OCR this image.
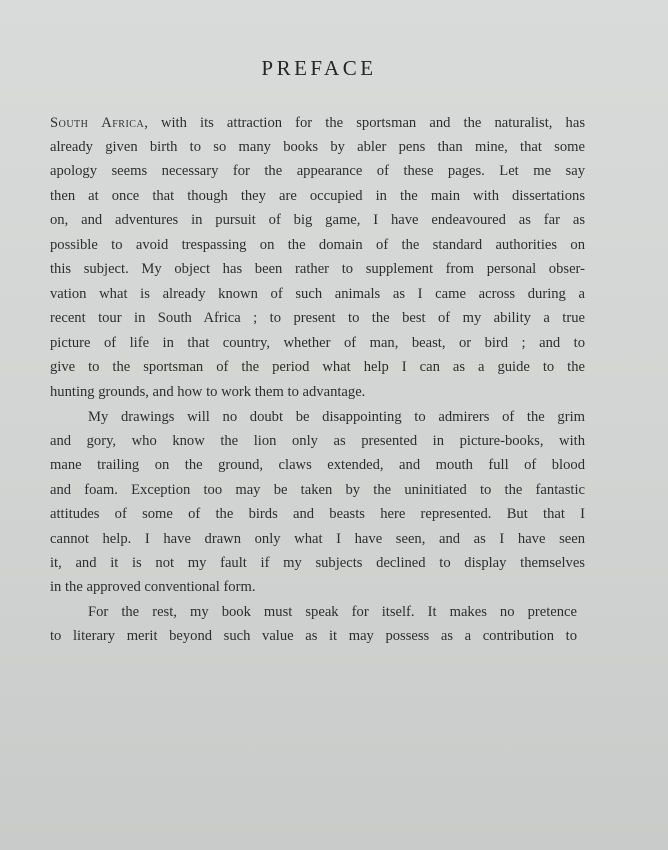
PREFACE
South Africa, with its attraction for the sportsman and the naturalist, has
already given birth to so many books by abler pens than mine, that some
apology seems necessary for the appearance of these pages. Let me say
then at once that though they are occupied in the main with dissertations
on, and adventures in pursuit of big game, I have endeavoured as far as
possible to avoid trespassing on the domain of the standard authorities on
this subject. My object has been rather to supplement from personal obser-
vation what is already known of such animals as I came across during a
recent tour in South Africa ; to present to the best of my ability a true
picture of life in that country, whether of man, beast, or bird ; and to
give to the sportsman of the period what help I can as a guide to the
hunting grounds, and how to work them to advantage.
My drawings will no doubt be disappointing to admirers of the grim
and gory, who know the lion only as presented in picture-books, with
mane trailing on the ground, claws extended, and mouth full of blood
and foam. Exception too may be taken by the uninitiated to the fantastic
attitudes of some of the birds and beasts here represented. But that I
cannot help. I have drawn only what I have seen, and as I have seen
it, and it is not my fault if my subjects declined to display themselves
in the approved conventional form.
For the rest, my book must speak for itself. It makes no pretence
to literary merit beyond such value as it may possess as a contribution to
